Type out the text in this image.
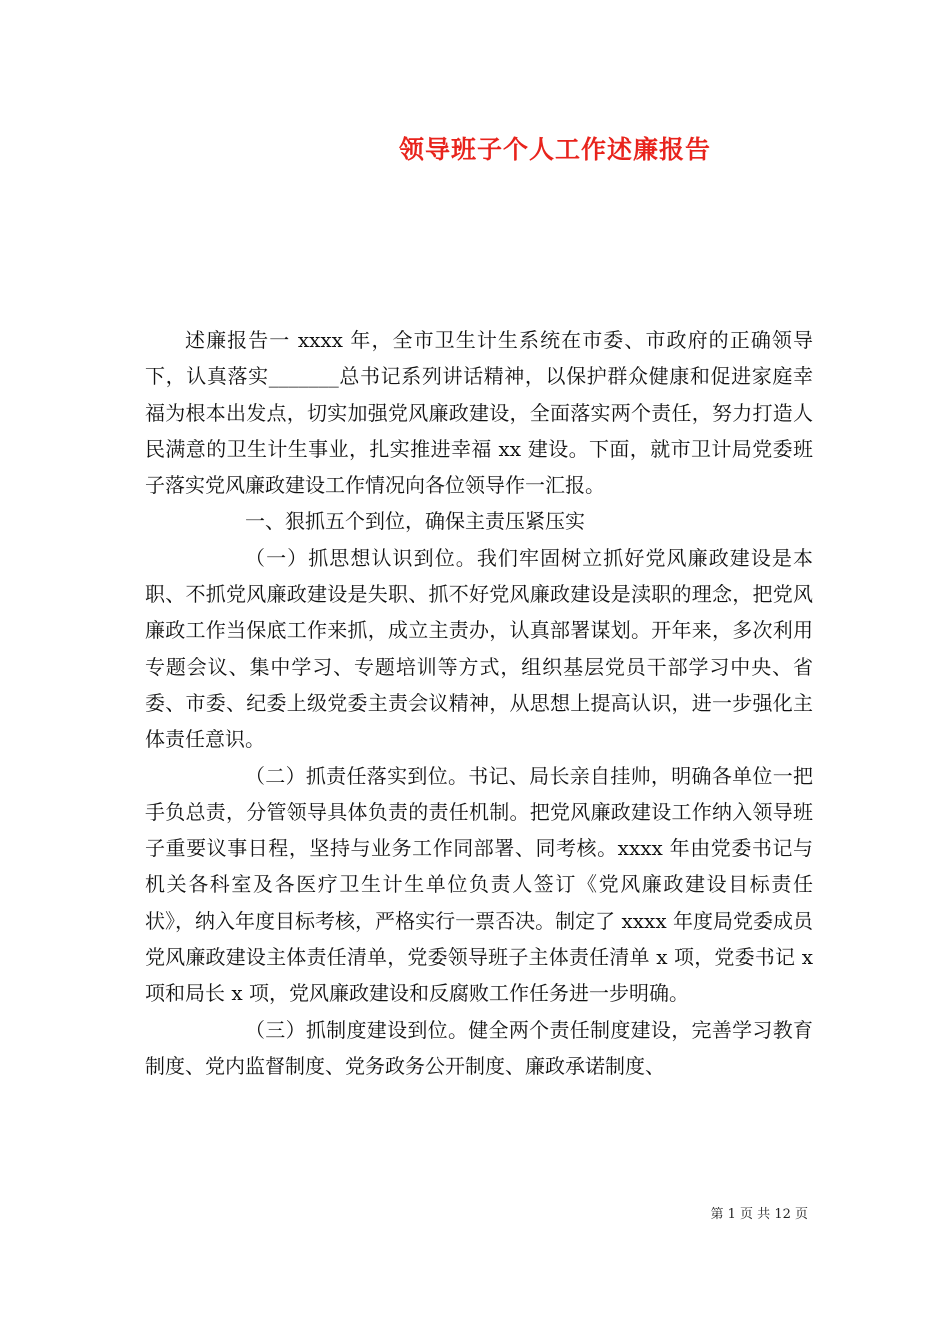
领导班子个人工作述廉报告

述廉报告一 xxxx 年，全市卫生计生系统在市委、市政府的正确领导下，认真落实_______总书记系列讲话精神，以保护群众健康和促进家庭幸福为根本出发点，切实加强党风廉政建设，全面落实两个责任，努力打造人民满意的卫生计生事业，扎实推进幸福 xx 建设。下面，就市卫计局党委班子落实党风廉政建设工作情况向各位领导作一汇报。

一、狠抓五个到位，确保主责压紧压实

（一）抓思想认识到位。我们牢固树立抓好党风廉政建设是本职、不抓党风廉政建设是失职、抓不好党风廉政建设是渎职的理念，把党风廉政工作当保底工作来抓，成立主责办，认真部署谋划。开年来，多次利用专题会议、集中学习、专题培训等方式，组织基层党员干部学习中央、省委、市委、纪委上级党委主责会议精神，从思想上提高认识，进一步强化主体责任意识。

（二）抓责任落实到位。书记、局长亲自挂帅，明确各单位一把手负总责，分管领导具体负责的责任机制。把党风廉政建设工作纳入领导班子重要议事日程，坚持与业务工作同部署、同考核。xxxx 年由党委书记与机关各科室及各医疗卫生计生单位负责人签订《党风廉政建设目标责任状》，纳入年度目标考核，严格实行一票否决。制定了 xxxx 年度局党委成员党风廉政建设主体责任清单，党委领导班子主体责任清单 x 项，党委书记 x 项和局长 x 项，党风廉政建设和反腐败工作任务进一步明确。

（三）抓制度建设到位。健全两个责任制度建设，完善学习教育制度、党内监督制度、党务政务公开制度、廉政承诺制度、

第 1 页 共 12 页
